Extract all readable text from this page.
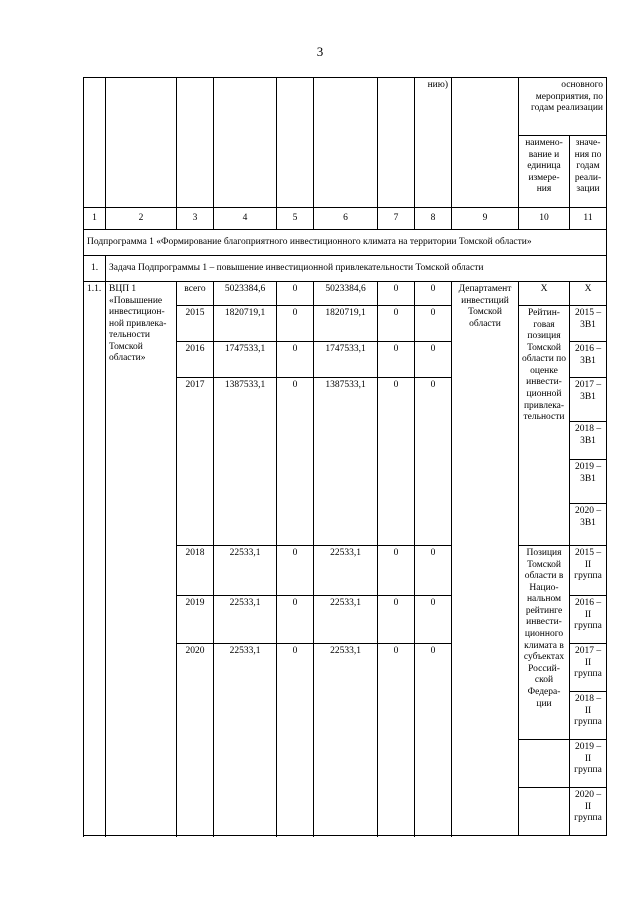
3
							нию)		основного мероприятия, по годам реализации	
									наимено-вание и единица измере-ния	значе-ния по годам реали-зации
1	2	3	4	5	6	7	8	9	10	11
Подпрограмма 1 «Формирование благоприятного инвестиционного климата на территории Томской области»										
1.	Задача Подпрограммы 1 – повышение инвестиционной привлекательности Томской области									
1.1.	ВЦП 1 «Повышение инвестицион-ной привлека-тельности Томской области»	всего	5023384,6	0	5023384,6	0	0	Департамент инвестиций Томской области	Х	Х
		2015	1820719,1	0	1820719,1	0	0		Рейтин-говая позиция Томской области по оценке инвести-ционной привлека-тельности	2015 – 3В1

		2016	1747533,1	0	1747533,1	0	0			2016 – 3В1

		2017	1387533,1	0	1387533,1	0	0			2017 – 3В1
										2018 – 3В1
										2019 – 3В1
										2020 – 3В1

		2018	22533,1	0	22533,1	0	0		Позиция Томской области в Нацио-нальном рейтинге инвести-ционного климата в субъектах Россий-ской Федера-ции	2015 – II группа
		2019	22533,1	0	22533,1	0	0			2016 – II группа
		2020	22533,1	0	22533,1	0	0			2017 – II группа
										2018 – II группа
										2019 – II группа
										2020 – II группа
